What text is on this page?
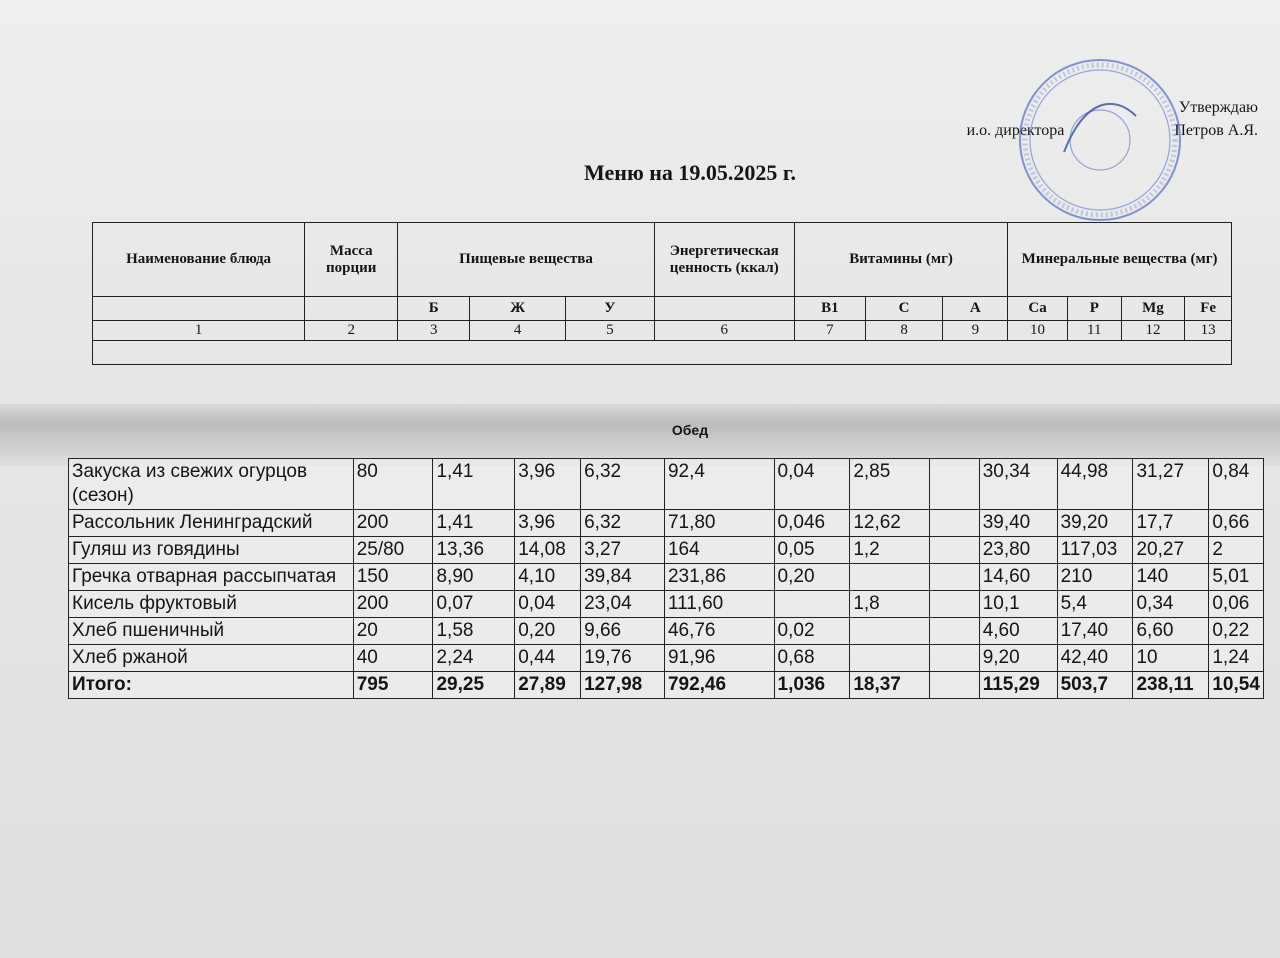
Утверждаю
и.о. директора	Петров А.Я.
Меню на 19.05.2025 г.
Наименование блюда	Масса порции	Пищевые вещества			Энергетическая ценность (ккал)	Витамины (мг)			Минеральные вещества (мг)			
		Б	Ж	У		В1	С	А	Са	Р	Mg	Fe
1	2	3	4	5	6	7	8	9	10	11	12	13

Обед
Закуска из свежих огурцов (сезон)	80	1,41	3,96	6,32	92,4	0,04	2,85		30,34	44,98	31,27	0,84
Рассольник Ленинградский	200	1,41	3,96	6,32	71,80	0,046	12,62		39,40	39,20	17,7	0,66
Гуляш из говядины	25/80	13,36	14,08	3,27	164	0,05	1,2		23,80	117,03	20,27	2
Гречка отварная рассыпчатая	150	8,90	4,10	39,84	231,86	0,20			14,60	210	140	5,01
Кисель фруктовый	200	0,07	0,04	23,04	111,60		1,8		10,1	5,4	0,34	0,06
Хлеб пшеничный	20	1,58	0,20	9,66	46,76	0,02			4,60	17,40	6,60	0,22
Хлеб ржаной	40	2,24	0,44	19,76	91,96	0,68			9,20	42,40	10	1,24
Итого:	795	29,25	27,89	127,98	792,46	1,036	18,37		115,29	503,7	238,11	10,54
